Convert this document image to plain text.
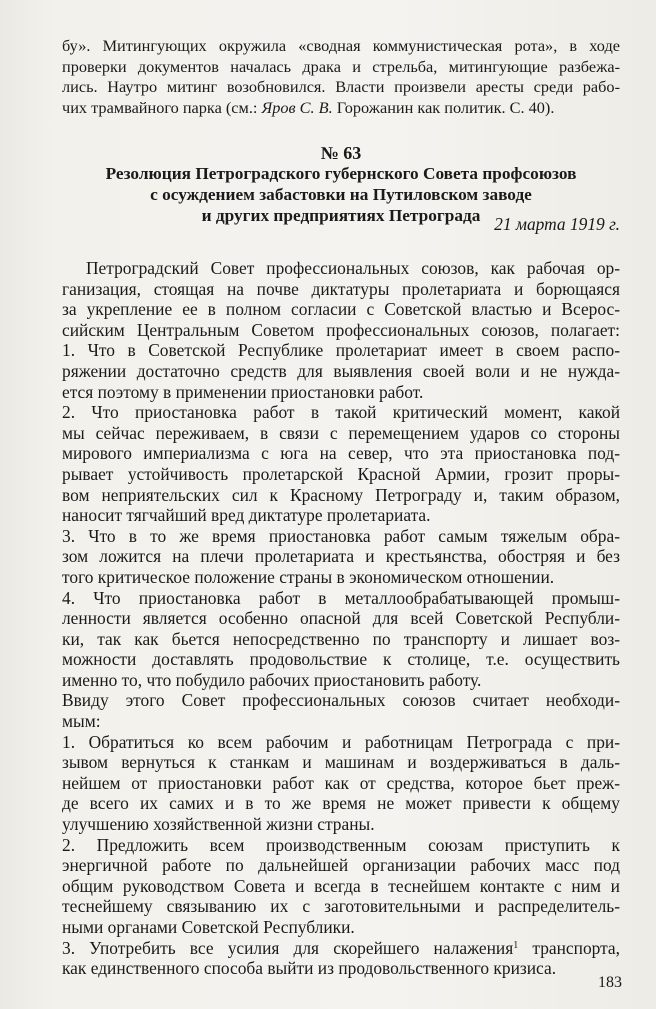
бу». Митингующих окружила «сводная коммунистическая рота», в ходе
проверки документов началась драка и стрельба, митингующие разбежа-
лись. Наутро митинг возобновился. Власти произвели аресты среди рабо-
чих трамвайного парка (см.: Яров С. В. Горожанин как политик. С. 40).
№ 63
Резолюция Петроградского губернского Совета профсоюзов
с осуждением забастовки на Путиловском заводе
и других предприятиях Петрограда 21 марта 1919 г.
Петроградский Совет профессиональных союзов, как рабочая ор-
ганизация, стоящая на почве диктатуры пролетариата и борющаяся
за укрепление ее в полном согласии с Советской властью и Всерос-
сийским Центральным Советом профессиональных союзов, полагает:
1. Что в Советской Республике пролетариат имеет в своем распо-
ряжении достаточно средств для выявления своей воли и не нужда-
ется поэтому в применении приостановки работ.
2. Что приостановка работ в такой критический момент, какой
мы сейчас переживаем, в связи с перемещением ударов со стороны
мирового империализма с юга на север, что эта приостановка под-
рывает устойчивость пролетарской Красной Армии, грозит проры-
вом неприятельских сил к Красному Петрограду и, таким образом,
наносит тягчайший вред диктатуре пролетариата.
3. Что в то же время приостановка работ самым тяжелым обра-
зом ложится на плечи пролетариата и крестьянства, обостряя и без
того критическое положение страны в экономическом отношении.
4. Что приостановка работ в металлообрабатывающей промыш-
ленности является особенно опасной для всей Советской Республи-
ки, так как бьется непосредственно по транспорту и лишает воз-
можности доставлять продовольствие к столице, т.е. осуществить
именно то, что побудило рабочих приостановить работу.
Ввиду этого Совет профессиональных союзов считает необходи-
мым:
1. Обратиться ко всем рабочим и работницам Петрограда с при-
зывом вернуться к станкам и машинам и воздерживаться в даль-
нейшем от приостановки работ как от средства, которое бьет преж-
де всего их самих и в то же время не может привести к общему
улучшению хозяйственной жизни страны.
2. Предложить всем производственным союзам приступить к
энергичной работе по дальнейшей организации рабочих масс под
общим руководством Совета и всегда в теснейшем контакте с ним и
теснейшему связыванию их с заготовительными и распределитель-
ными органами Советской Республики.
3. Употребить все усилия для скорейшего налажения$^1$ транспорта,
как единственного способа выйти из продовольственного кризиса.
183
